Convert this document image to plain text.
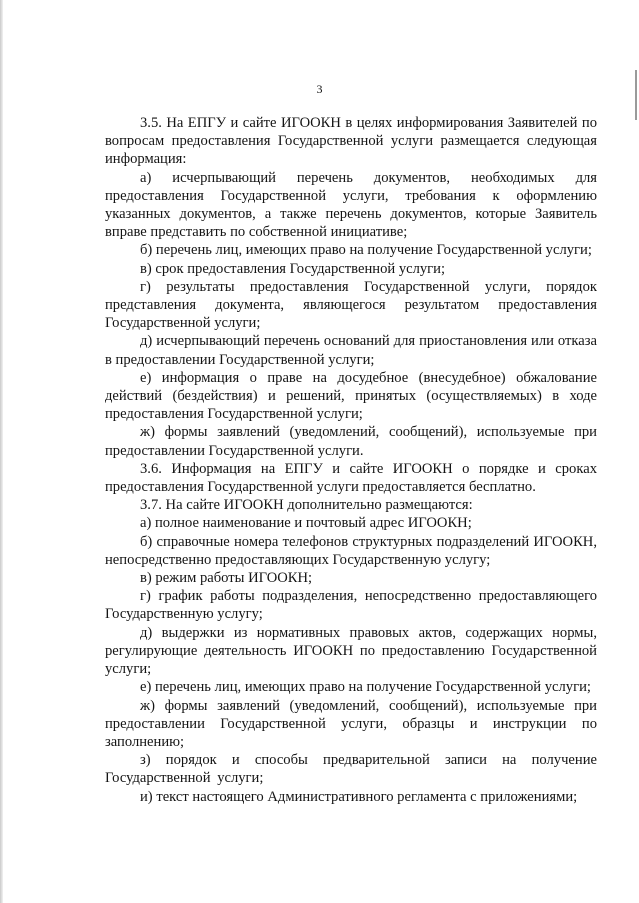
3

3.5. На ЕПГУ и сайте ИГООКН в целях информирования Заявителей по вопросам предоставления Государственной услуги размещается следующая информация:

а) исчерпывающий перечень документов, необходимых для предоставления Государственной услуги, требования к оформлению указанных документов, а также перечень документов, которые Заявитель вправе представить по собственной инициативе;

б) перечень лиц, имеющих право на получение Государственной услуги;

в) срок предоставления Государственной услуги;

г) результаты предоставления Государственной услуги, порядок представления документа, являющегося результатом предоставления Государственной услуги;

д) исчерпывающий перечень оснований для приостановления или отказа в предоставлении Государственной услуги;

е) информация о праве на досудебное (внесудебное) обжалование действий (бездействия) и решений, принятых (осуществляемых) в ходе предоставления Государственной услуги;

ж) формы заявлений (уведомлений, сообщений), используемые при предоставлении Государственной услуги.

3.6. Информация на ЕПГУ и сайте ИГООКН о порядке и сроках предоставления Государственной услуги предоставляется бесплатно.

3.7. На сайте ИГООКН дополнительно размещаются:

а) полное наименование и почтовый адрес ИГООКН;

б) справочные номера телефонов структурных подразделений ИГООКН, непосредственно предоставляющих Государственную услугу;

в) режим работы ИГООКН;

г) график работы подразделения, непосредственно предоставляющего Государственную услугу;

д) выдержки из нормативных правовых актов, содержащих нормы, регулирующие деятельность ИГООКН по предоставлению Государственной услуги;

е) перечень лиц, имеющих право на получение Государственной услуги;

ж) формы заявлений (уведомлений, сообщений), используемые при предоставлении Государственной услуги, образцы и инструкции по заполнению;

з) порядок и способы предварительной записи на получение Государственной услуги;

и) текст настоящего Административного регламента с приложениями;
